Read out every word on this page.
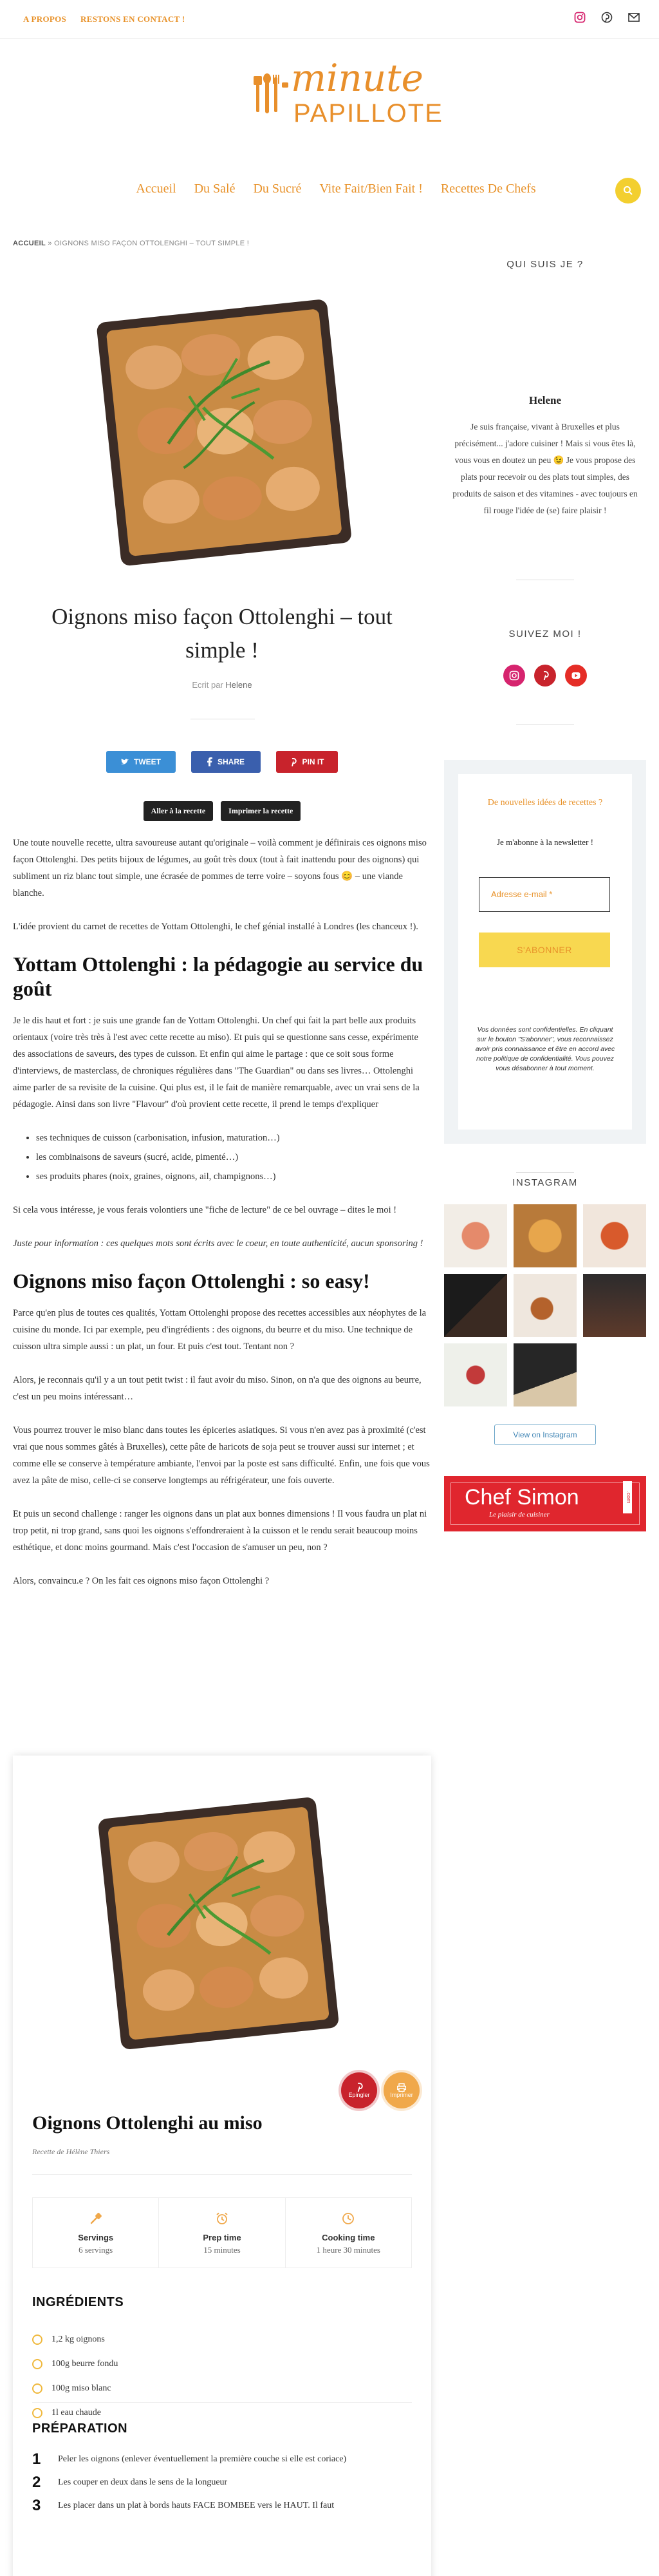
A PROPOS RESTONS EN CONTACT !
minute
PAPILLOTE
Accueil Du Salé Du Sucré Vite Fait/Bien Fait ! Recettes De Chefs
ACCUEIL » OIGNONS MISO FAÇON OTTOLENGHI – TOUT SIMPLE !
Oignons miso façon Ottolenghi – tout
simple !
Ecrit par Helene
TWEET	SHARE	PIN IT
Aller à la recette	Imprimer la recette

Une toute nouvelle recette, ultra savoureuse autant qu'originale – voilà comment je définirais ces oignons miso façon Ottolenghi. Des petits bijoux de légumes, au goût très doux (tout à fait inattendu pour des oignons) qui subliment un riz blanc tout simple, une écrasée de pommes de terre voire – soyons fous 😊 – une viande blanche.

L'idée provient du carnet de recettes de Yottam Ottolenghi, le chef génial installé à Londres (les chanceux !).

Yottam Ottolenghi : la pédagogie au service du goût

Je le dis haut et fort : je suis une grande fan de Yottam Ottolenghi. Un chef qui fait la part belle aux produits orientaux (voire très très à l'est avec cette recette au miso). Et puis qui se questionne sans cesse, expérimente des associations de saveurs, des types de cuisson. Et enfin qui aime le partage : que ce soit sous forme d'interviews, de masterclass, de chroniques régulières dans "The Guardian" ou dans ses livres… Ottolenghi aime parler de sa revisite de la cuisine. Qui plus est, il le fait de manière remarquable, avec un vrai sens de la pédagogie. Ainsi dans son livre "Flavour" d'où provient cette recette, il prend le temps d'expliquer

• ses techniques de cuisson (carbonisation, infusion, maturation…)
• les combinaisons de saveurs (sucré, acide, pimenté…)
• ses produits phares (noix, graines, oignons, ail, champignons…)

Si cela vous intéresse, je vous ferais volontiers une "fiche de lecture" de ce bel ouvrage – dites le moi !

Juste pour information : ces quelques mots sont écrits avec le coeur, en toute authenticité, aucun sponsoring !

Oignons miso façon Ottolenghi : so easy!

Parce qu'en plus de toutes ces qualités, Yottam Ottolenghi propose des recettes accessibles aux néophytes de la cuisine du monde. Ici par exemple, peu d'ingrédients : des oignons, du beurre et du miso. Une technique de cuisson ultra simple aussi : un plat, un four. Et puis c'est tout. Tentant non ?

Alors, je reconnais qu'il y a un tout petit twist : il faut avoir du miso. Sinon, on n'a que des oignons au beurre, c'est un peu moins intéressant…

Vous pourrez trouver le miso blanc dans toutes les épiceries asiatiques. Si vous n'en avez pas à proximité (c'est vrai que nous sommes gâtés à Bruxelles), cette pâte de haricots de soja peut se trouver aussi sur internet ; et comme elle se conserve à température ambiante, l'envoi par la poste est sans difficulté. Enfin, une fois que vous avez la pâte de miso, celle-ci se conserve longtemps au réfrigérateur, une fois ouverte.

Et puis un second challenge : ranger les oignons dans un plat aux bonnes dimensions ! Il vous faudra un plat ni trop petit, ni trop grand, sans quoi les oignons s'effondreraient à la cuisson et le rendu serait beaucoup moins esthétique, et donc moins gourmand. Mais c'est l'occasion de s'amuser un peu, non ?

Alors, convaincu.e ? On les fait ces oignons miso façon Ottolenghi ?

Epingler	Imprimer
Oignons Ottolenghi au miso
Recette de Hélène Thiers
Servings
6 servings
Prep time
15 minutes
Cooking time
1 heure 30 minutes
INGRÉDIENTS
1,2 kg oignons
100g beurre fondu
100g miso blanc
1l eau chaude
PRÉPARATION
1	Peler les oignons (enlever éventuellement la première couche si elle est coriace)
2	Les couper en deux dans le sens de la longueur
3	Les placer dans un plat à bords hauts FACE BOMBEE vers le HAUT. Il faut
QUI SUIS JE ?
Helene
Je suis française, vivant à Bruxelles et plus précisément... j'adore cuisiner ! Mais si vous êtes là, vous vous en doutez un peu 😉 Je vous propose des plats pour recevoir ou des plats tout simples, des produits de saison et des vitamines - avec toujours en fil rouge l'idée de (se) faire plaisir !
SUIVEZ MOI !
De nouvelles idées de recettes ?
Je m'abonne à la newsletter !
Adresse e-mail *
S'ABONNER
Vos données sont confidentielles. En cliquant sur le bouton "S'abonner", vous reconnaissez avoir pris connaissance et être en accord avec notre politique de confidentialité. Vous pouvez vous désabonner à tout moment.
INSTAGRAM
View on Instagram
Chef Simon
Le plaisir de cuisiner
.com
